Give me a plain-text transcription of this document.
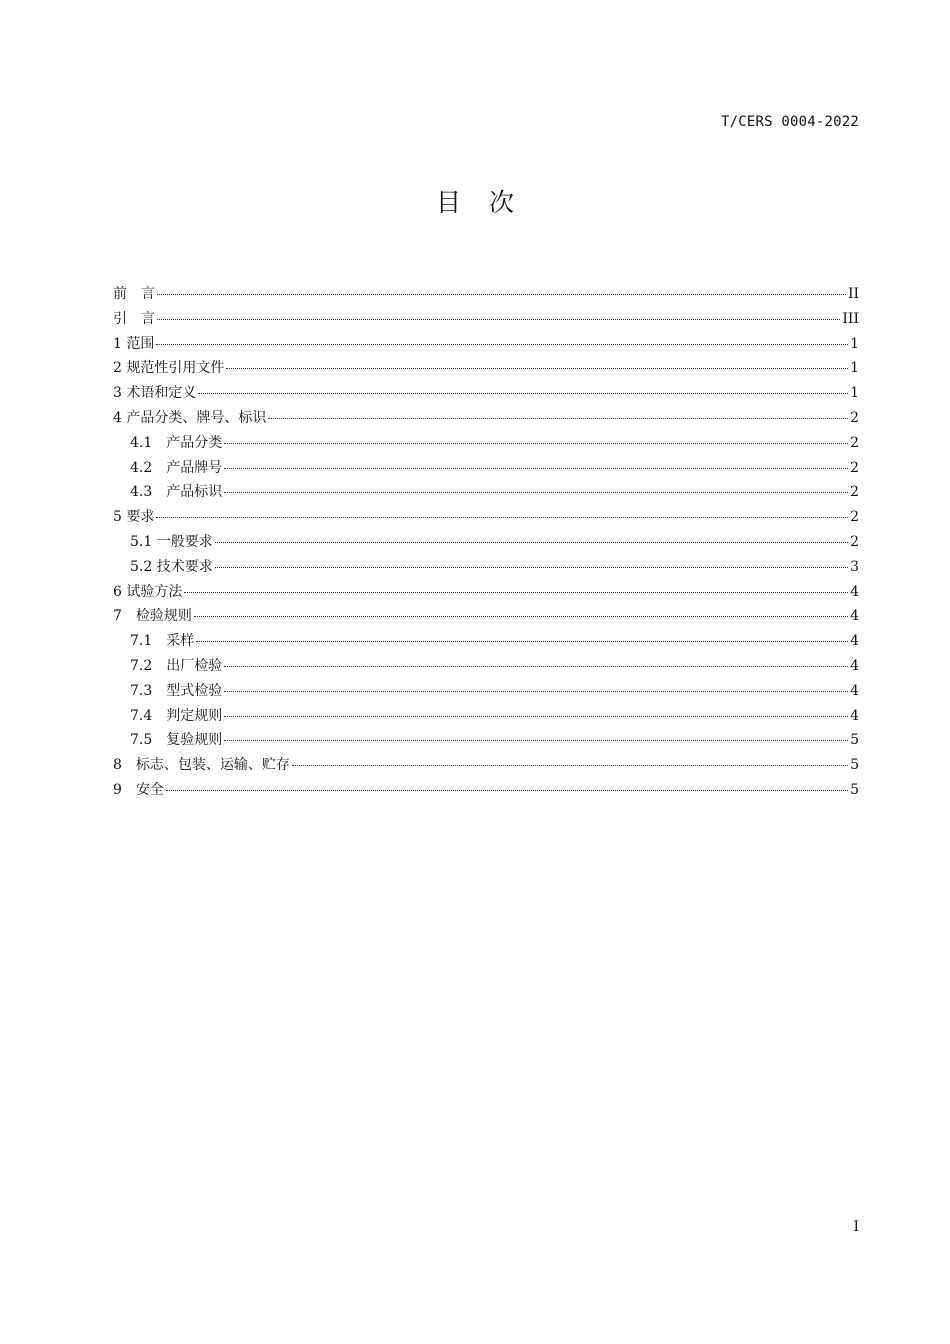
T/CERS 0004-2022
目 次
前　言	II
引　言	III
1 范围	1
2 规范性引用文件	1
3 术语和定义	1
4 产品分类、牌号、标识	2
4.1　产品分类	2
4.2　产品牌号	2
4.3　产品标识	2
5 要求	2
5.1 一般要求	2
5.2 技术要求	3
6 试验方法	4
7　检验规则	4
7.1　采样	4
7.2　出厂检验	4
7.3　型式检验	4
7.4　判定规则	4
7.5　复验规则	5
8　标志、包装、运输、贮存	5
9　安全	5
I
